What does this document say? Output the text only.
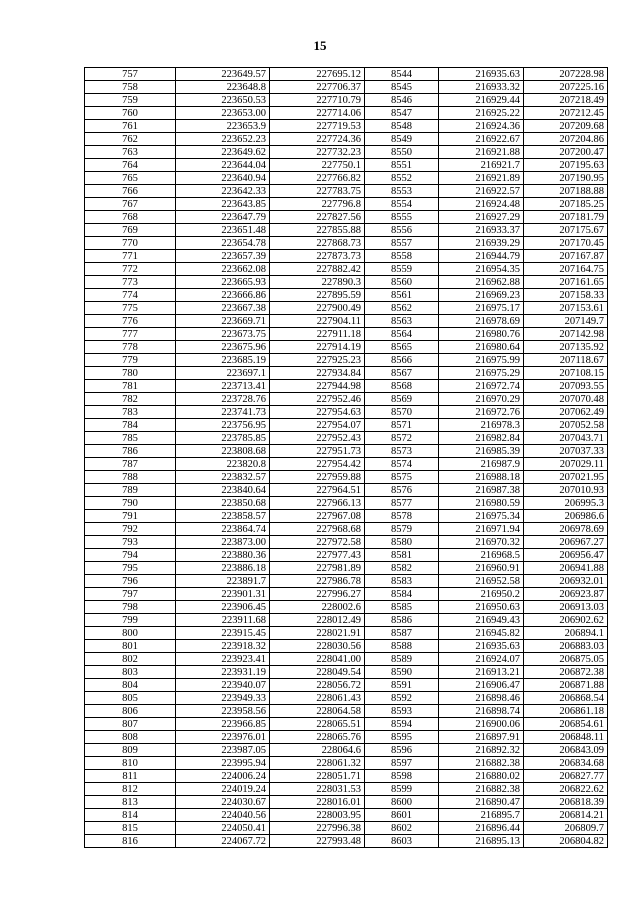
15
757	223649.57	227695.12	8544	216935.63	207228.98
758	223648.8	227706.37	8545	216933.32	207225.16
759	223650.53	227710.79	8546	216929.44	207218.49
760	223653.00	227714.06	8547	216925.22	207212.45
761	223653.9	227719.53	8548	216924.36	207209.68
762	223652.23	227724.36	8549	216922.67	207204.86
763	223649.62	227732.23	8550	216921.88	207200.47
764	223644.04	227750.1	8551	216921.7	207195.63
765	223640.94	227766.82	8552	216921.89	207190.95
766	223642.33	227783.75	8553	216922.57	207188.88
767	223643.85	227796.8	8554	216924.48	207185.25
768	223647.79	227827.56	8555	216927.29	207181.79
769	223651.48	227855.88	8556	216933.37	207175.67
770	223654.78	227868.73	8557	216939.29	207170.45
771	223657.39	227873.73	8558	216944.79	207167.87
772	223662.08	227882.42	8559	216954.35	207164.75
773	223665.93	227890.3	8560	216962.88	207161.65
774	223666.86	227895.59	8561	216969.23	207158.33
775	223667.38	227900.49	8562	216975.17	207153.61
776	223669.71	227904.11	8563	216978.69	207149.7
777	223673.75	227911.18	8564	216980.76	207142.98
778	223675.96	227914.19	8565	216980.64	207135.92
779	223685.19	227925.23	8566	216975.99	207118.67
780	223697.1	227934.84	8567	216975.29	207108.15
781	223713.41	227944.98	8568	216972.74	207093.55
782	223728.76	227952.46	8569	216970.29	207070.48
783	223741.73	227954.63	8570	216972.76	207062.49
784	223756.95	227954.07	8571	216978.3	207052.58
785	223785.85	227952.43	8572	216982.84	207043.71
786	223808.68	227951.73	8573	216985.39	207037.33
787	223820.8	227954.42	8574	216987.9	207029.11
788	223832.57	227959.88	8575	216988.18	207021.95
789	223840.64	227964.51	8576	216987.38	207010.93
790	223850.68	227966.13	8577	216980.59	206995.3
791	223858.57	227967.08	8578	216975.34	206986.6
792	223864.74	227968.68	8579	216971.94	206978.69
793	223873.00	227972.58	8580	216970.32	206967.27
794	223880.36	227977.43	8581	216968.5	206956.47
795	223886.18	227981.89	8582	216960.91	206941.88
796	223891.7	227986.78	8583	216952.58	206932.01
797	223901.31	227996.27	8584	216950.2	206923.87
798	223906.45	228002.6	8585	216950.63	206913.03
799	223911.68	228012.49	8586	216949.43	206902.62
800	223915.45	228021.91	8587	216945.82	206894.1
801	223918.32	228030.56	8588	216935.63	206883.03
802	223923.41	228041.00	8589	216924.07	206875.05
803	223931.19	228049.54	8590	216913.21	206872.38
804	223940.07	228056.72	8591	216906.47	206871.88
805	223949.33	228061.43	8592	216898.46	206868.54
806	223958.56	228064.58	8593	216898.74	206861.18
807	223966.85	228065.51	8594	216900.06	206854.61
808	223976.01	228065.76	8595	216897.91	206848.11
809	223987.05	228064.6	8596	216892.32	206843.09
810	223995.94	228061.32	8597	216882.38	206834.68
811	224006.24	228051.71	8598	216880.02	206827.77
812	224019.24	228031.53	8599	216882.38	206822.62
813	224030.67	228016.01	8600	216890.47	206818.39
814	224040.56	228003.95	8601	216895.7	206814.21
815	224050.41	227996.38	8602	216896.44	206809.7
816	224067.72	227993.48	8603	216895.13	206804.82
